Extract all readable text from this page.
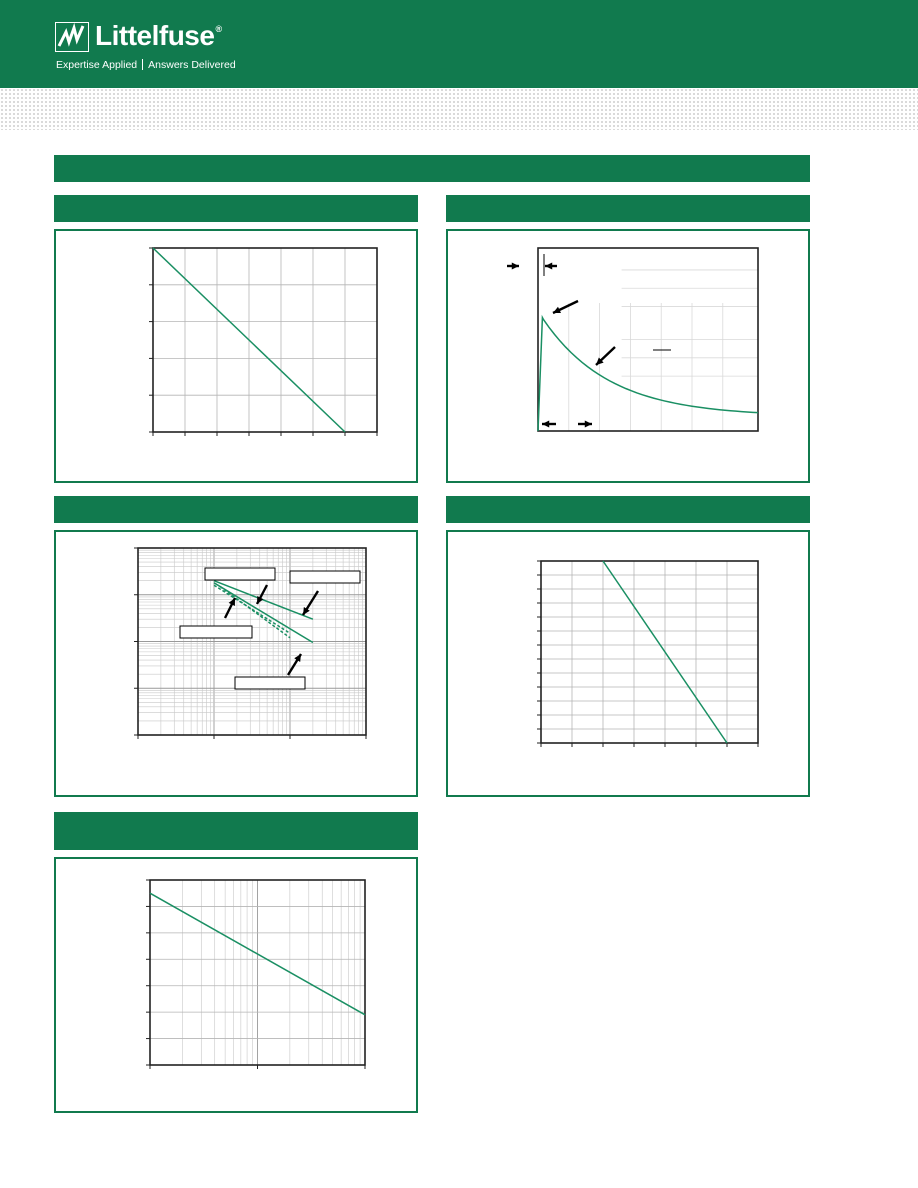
Littelfuse®
Expertise Applied Answers Delivered
